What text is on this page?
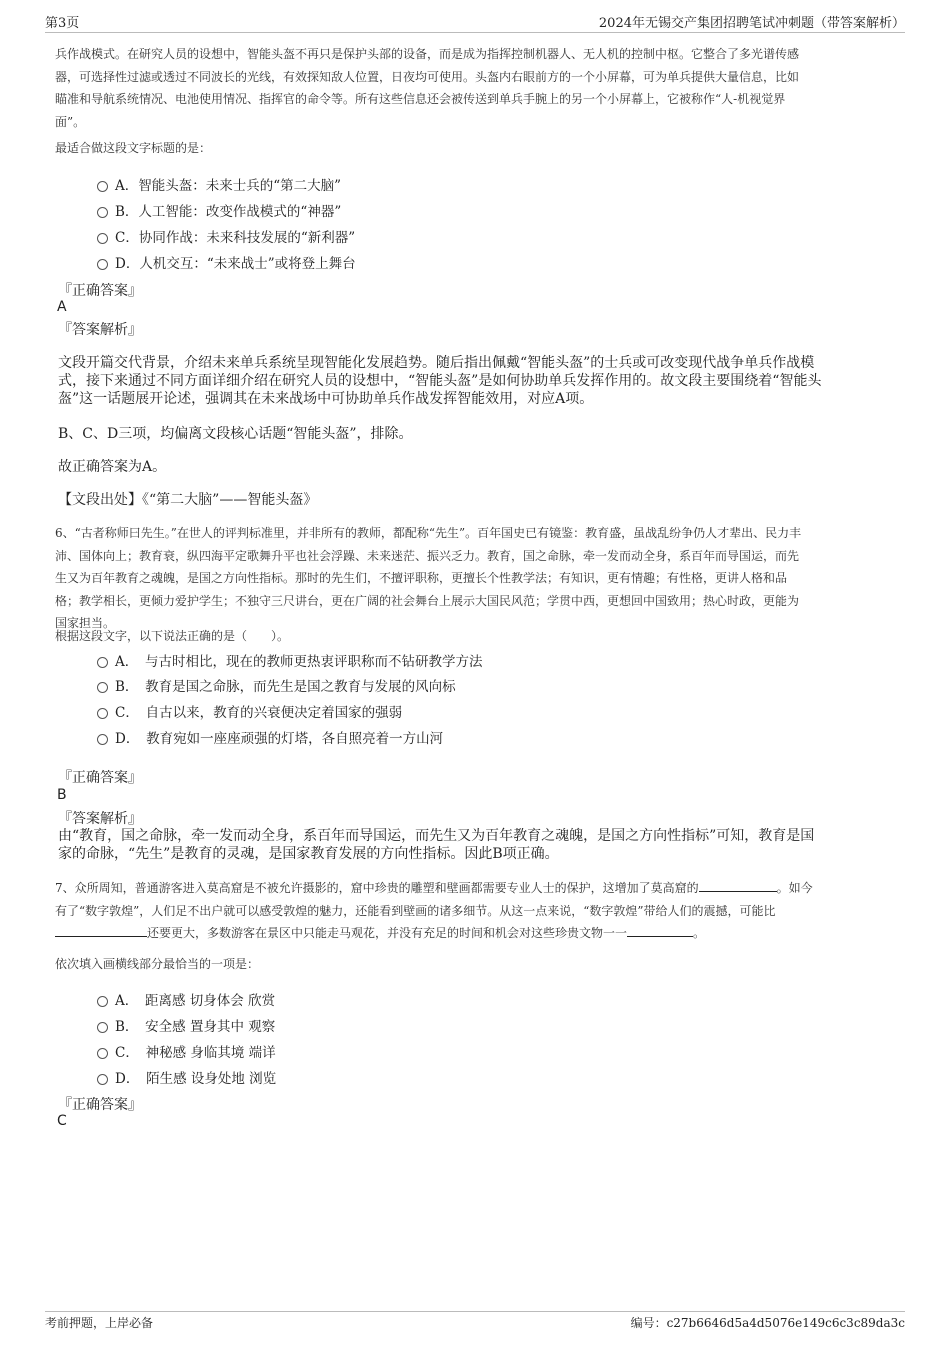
第3页	2024年无锡交产集团招聘笔试冲刺题（带答案解析）
兵作战模式。在研究人员的设想中，智能头盔不再只是保护头部的设备，而是成为指挥控制机器人、无人机的控制中枢。它整合了多光谱传感
器，可选择性过滤或透过不同波长的光线，有效探知敌人位置，日夜均可使用。头盔内右眼前方的一个小屏幕，可为单兵提供大量信息，比如
瞄准和导航系统情况、电池使用情况、指挥官的命令等。所有这些信息还会被传送到单兵手腕上的另一个小屏幕上，它被称作“人-机视觉界
面”。
最适合做这段文字标题的是：
A．智能头盔：未来士兵的“第二大脑”
B．人工智能：改变作战模式的“神器”
C．协同作战：未来科技发展的“新利器”
D．人机交互：“未来战士”或将登上舞台
『正确答案』
A
『答案解析』
文段开篇交代背景，介绍未来单兵系统呈现智能化发展趋势。随后指出佩戴“智能头盔”的士兵或可改变现代战争单兵作战模
式，接下来通过不同方面详细介绍在研究人员的设想中，“智能头盔”是如何协助单兵发挥作用的。故文段主要围绕着“智能头
盔”这一话题展开论述，强调其在未来战场中可协助单兵作战发挥智能效用，对应A项。
B、C、D三项，均偏离文段核心话题“智能头盔”，排除。
故正确答案为A。
【文段出处】《“第二大脑”——智能头盔》
6、“古者称师曰先生。”在世人的评判标准里，并非所有的教师，都配称“先生”。百年国史已有镜鉴：教育盛，虽战乱纷争仍人才辈出、民力丰
沛、国体向上；教育衰，纵四海平定歌舞升平也社会浮躁、未来迷茫、振兴乏力。教育，国之命脉，牵一发而动全身，系百年而导国运，而先
生又为百年教育之魂魄，是国之方向性指标。那时的先生们，不擅评职称，更擅长个性教学法；有知识，更有情趣；有性格，更讲人格和品
格；教学相长，更倾力爱护学生；不独守三尺讲台，更在广阔的社会舞台上展示大国民风范；学贯中西，更想回中国致用；热心时政，更能为
国家担当。
根据这段文字，以下说法正确的是（　　）。
A．　与古时相比，现在的教师更热衷评职称而不钻研教学方法
B．　教育是国之命脉，而先生是国之教育与发展的风向标
C．　自古以来，教育的兴衰便决定着国家的强弱
D．　教育宛如一座座顽强的灯塔，各自照亮着一方山河
『正确答案』
B
『答案解析』
由“教育，国之命脉，牵一发而动全身，系百年而导国运，而先生又为百年教育之魂魄，是国之方向性指标”可知，教育是国
家的命脉，“先生”是教育的灵魂，是国家教育发展的方向性指标。因此B项正确。
7、众所周知，普通游客进入莫高窟是不被允许摄影的，窟中珍贵的雕塑和壁画都需要专业人士的保护，这增加了莫高窟的	。如今
有了“数字敦煌”，人们足不出户就可以感受敦煌的魅力，还能看到壁画的诸多细节。从这一点来说，“数字敦煌”带给人们的震撼，可能比
还要更大，多数游客在景区中只能走马观花，并没有充足的时间和机会对这些珍贵文物一一	。
依次填入画横线部分最恰当的一项是：
A．　距离感 切身体会 欣赏
B．　安全感 置身其中 观察
C．　神秘感 身临其境 端详
D．　陌生感 设身处地 浏览
『正确答案』
C
考前押题，上岸必备	编号：c27b6646d5a4d5076e149c6c3c89da3c
